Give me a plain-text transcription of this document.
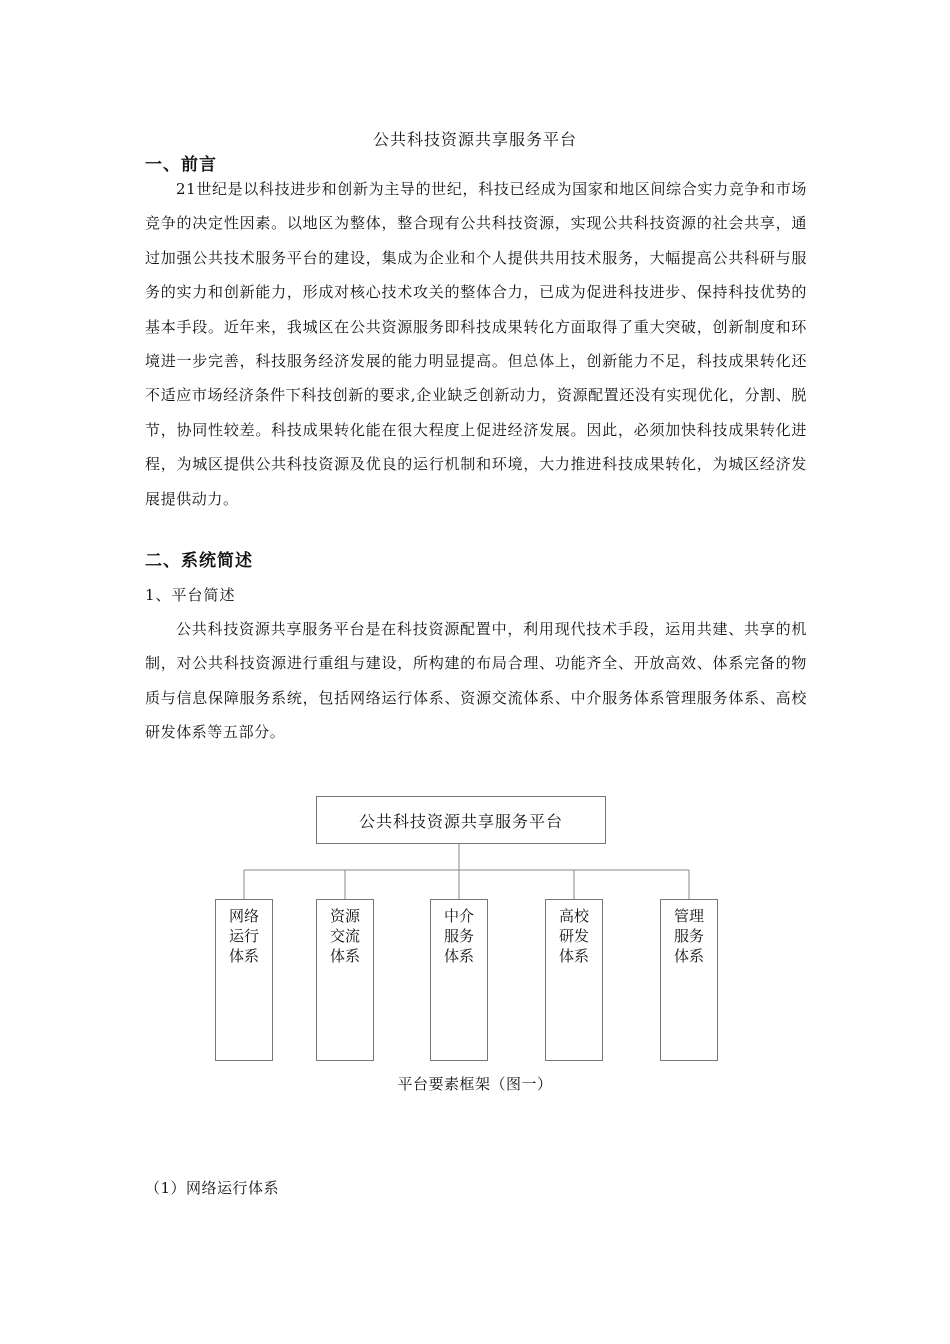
公共科技资源共享服务平台
一、前言

21世纪是以科技进步和创新为主导的世纪，科技已经成为国家和地区间综合实力竞争和市场竞争的决定性因素。以地区为整体，整合现有公共科技资源，实现公共科技资源的社会共享，通过加强公共技术服务平台的建设，集成为企业和个人提供共用技术服务，大幅提高公共科研与服务的实力和创新能力，形成对核心技术攻关的整体合力，已成为促进科技进步、保持科技优势的基本手段。近年来，我城区在公共资源服务即科技成果转化方面取得了重大突破，创新制度和环境进一步完善，科技服务经济发展的能力明显提高。但总体上，创新能力不足，科技成果转化还不适应市场经济条件下科技创新的要求,企业缺乏创新动力，资源配置还没有实现优化，分割、脱节，协同性较差。科技成果转化能在很大程度上促进经济发展。因此，必须加快科技成果转化进程，为城区提供公共科技资源及优良的运行机制和环境，大力推进科技成果转化，为城区经济发展提供动力。

二、系统简述
1、平台简述

公共科技资源共享服务平台是在科技资源配置中，利用现代技术手段，运用共建、共享的机制，对公共科技资源进行重组与建设，所构建的布局合理、功能齐全、开放高效、体系完备的物质与信息保障服务系统，包括网络运行体系、资源交流体系、中介服务体系管理服务体系、高校研发体系等五部分。

公共科技资源共享服务平台
网络运行体系
资源交流体系
中介服务体系
高校研发体系
管理服务体系
平台要素框架（图一）
（1）网络运行体系
